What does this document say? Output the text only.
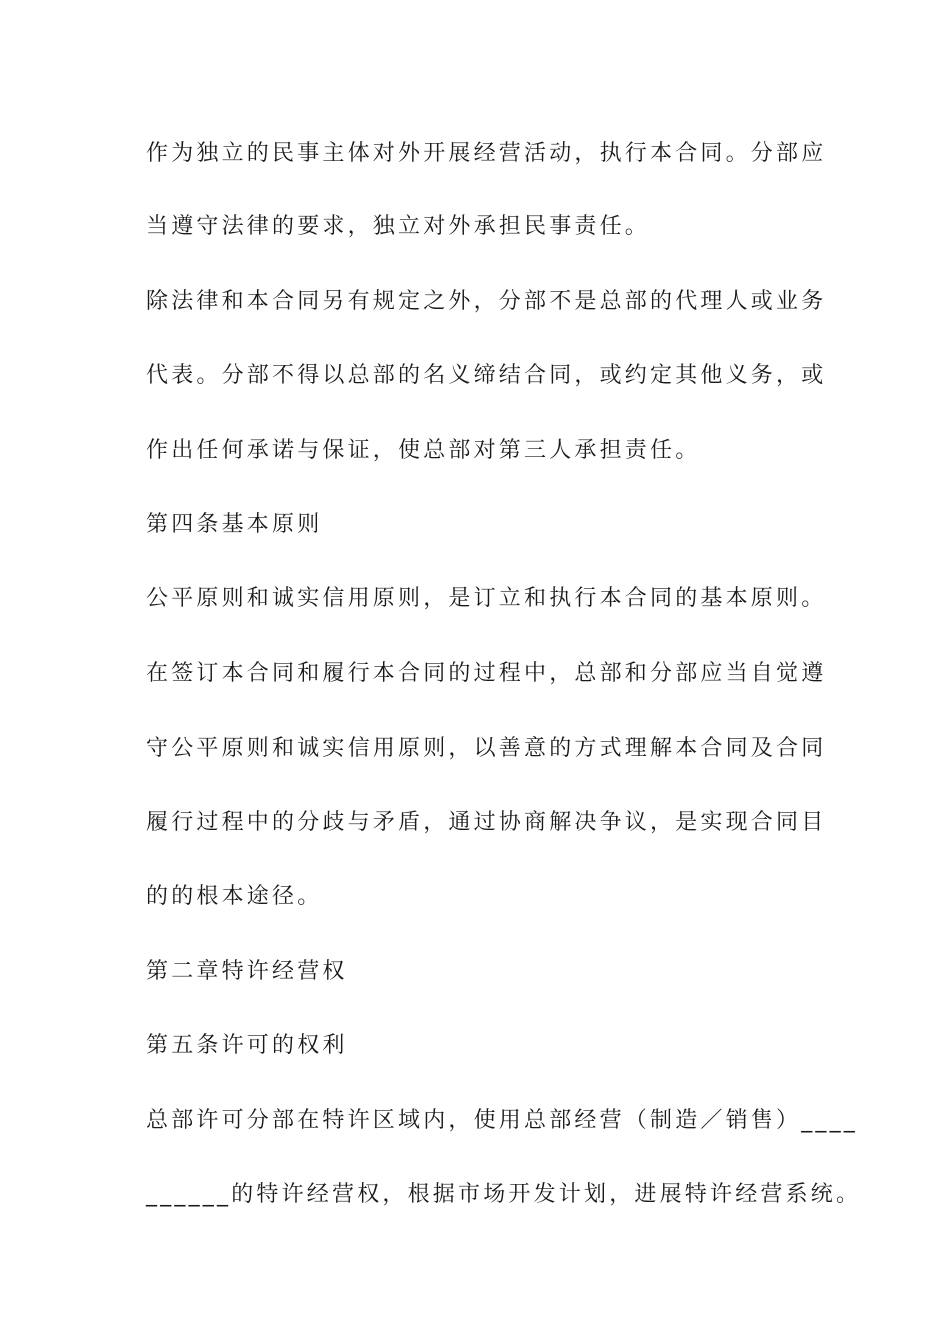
作为独立的民事主体对外开展经营活动，执行本合同。分部应
当遵守法律的要求，独立对外承担民事责任。
除法律和本合同另有规定之外，分部不是总部的代理人或业务
代表。分部不得以总部的名义缔结合同，或约定其他义务，或
作出任何承诺与保证，使总部对第三人承担责任。
第四条基本原则
公平原则和诚实信用原则，是订立和执行本合同的基本原则。
在签订本合同和履行本合同的过程中，总部和分部应当自觉遵
守公平原则和诚实信用原则，以善意的方式理解本合同及合同
履行过程中的分歧与矛盾，通过协商解决争议，是实现合同目
的的根本途径。
第二章特许经营权
第五条许可的权利
总部许可分部在特许区域内，使用总部经营（制造／销售）____
______的特许经营权，根据市场开发计划，进展特许经营系统。
